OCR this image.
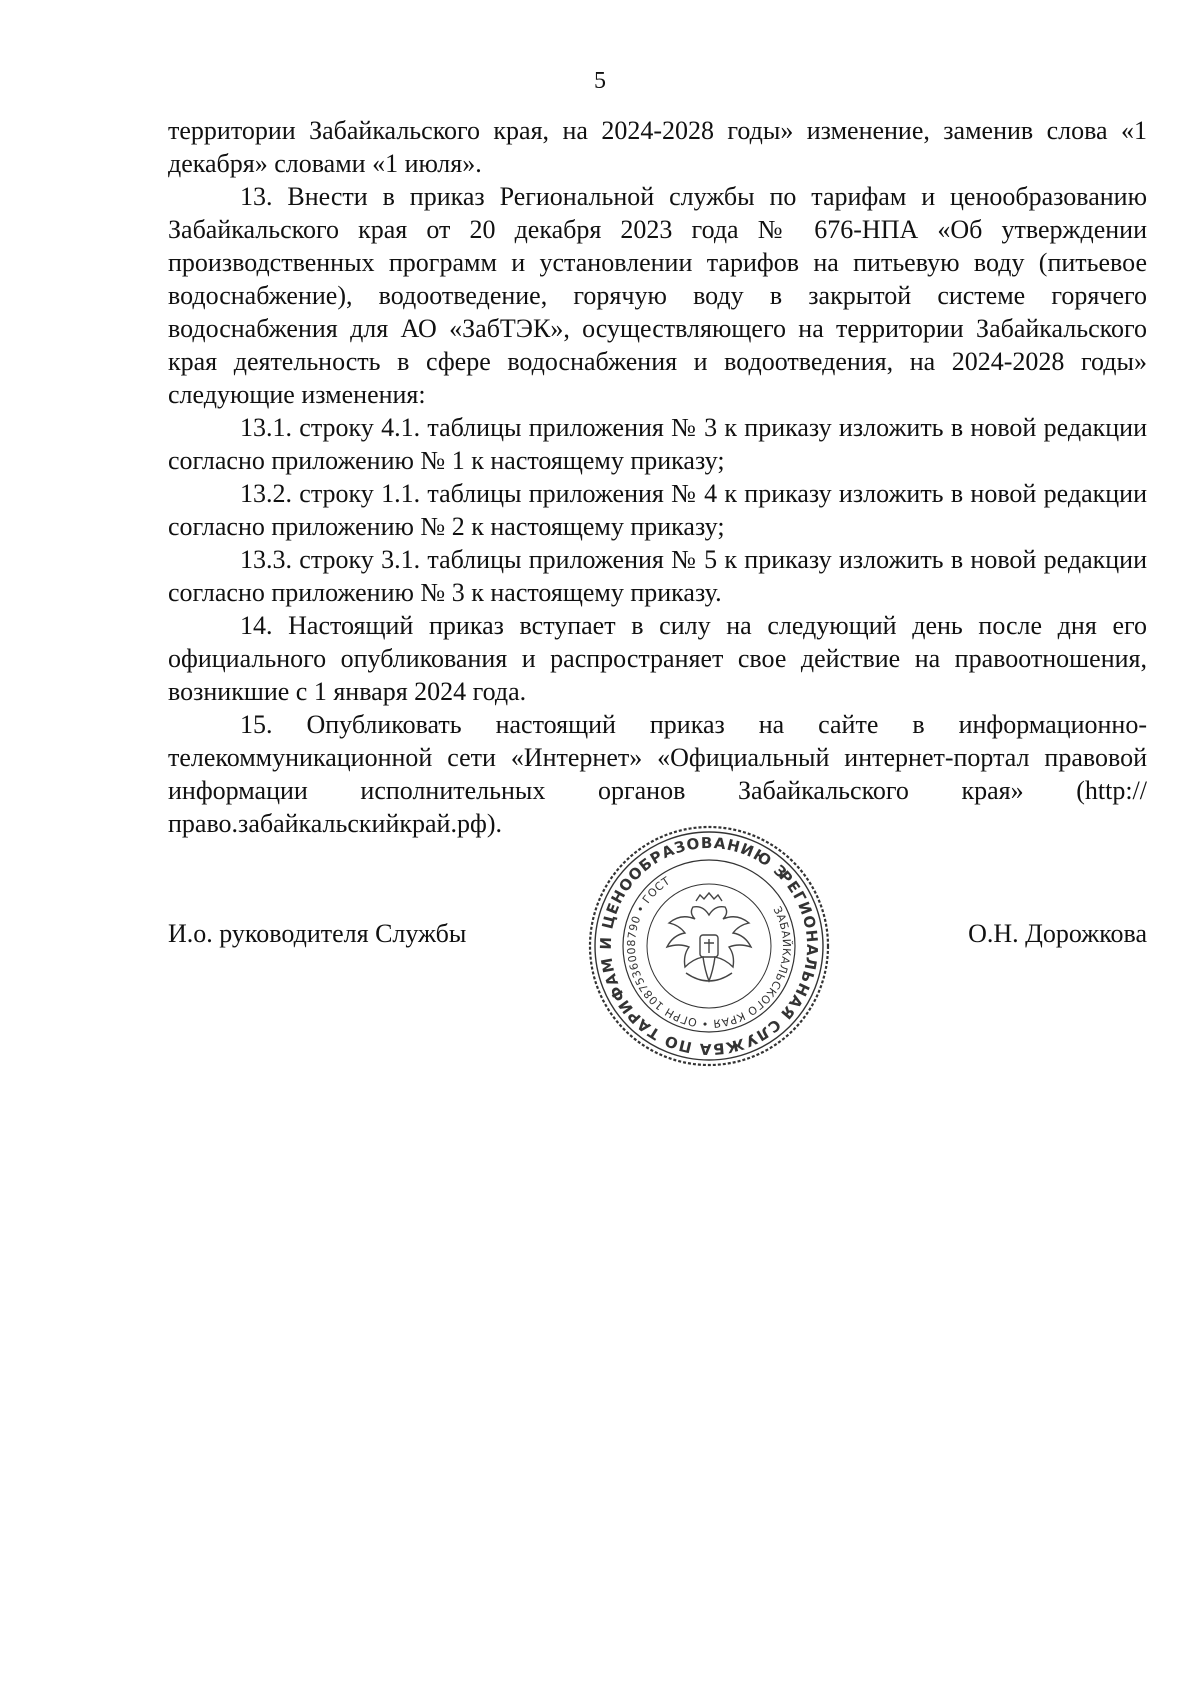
5

территории Забайкальского края, на 2024-2028 годы» изменение, заменив слова «1 декабря» словами «1 июля».

13. Внести в приказ Региональной службы по тарифам и ценообразованию Забайкальского края от 20 декабря 2023 года № 676-НПА «Об утверждении производственных программ и установлении тарифов на питьевую воду (питьевое водоснабжение), водоотведение, горячую воду в закрытой системе горячего водоснабжения для АО «ЗабТЭК», осуществляющего на территории Забайкальского края деятельность в сфере водоснабжения и водоотведения, на 2024-2028 годы» следующие изменения:

13.1. строку 4.1. таблицы приложения № 3 к приказу изложить в новой редакции согласно приложению № 1 к настоящему приказу;

13.2. строку 1.1. таблицы приложения № 4 к приказу изложить в новой редакции согласно приложению № 2 к настоящему приказу;

13.3. строку 3.1. таблицы приложения № 5 к приказу изложить в новой редакции согласно приложению № 3 к настоящему приказу.

14. Настоящий приказ вступает в силу на следующий день после дня его официального опубликования и распространяет свое действие на правоотношения, возникшие с 1 января 2024 года.

15. Опубликовать настоящий приказ на сайте в информационно-телекоммуникационной сети «Интернет» «Официальный интернет-портал правовой информации исполнительных органов Забайкальского края» (http://право.забайкальскийкрай.рф).

И.о. руководителя Службы	О.Н. Дорожкова
РЕГИОНАЛЬНАЯ СЛУЖБА ПО ТАРИФАМ И ЦЕНООБРАЗОВАНИЮ ЗАБАЙКАЛЬСКОГО
ЗАБАЙКАЛЬСКОГО КРАЯ • ОГРН 1087536008790 • ГОСТ
